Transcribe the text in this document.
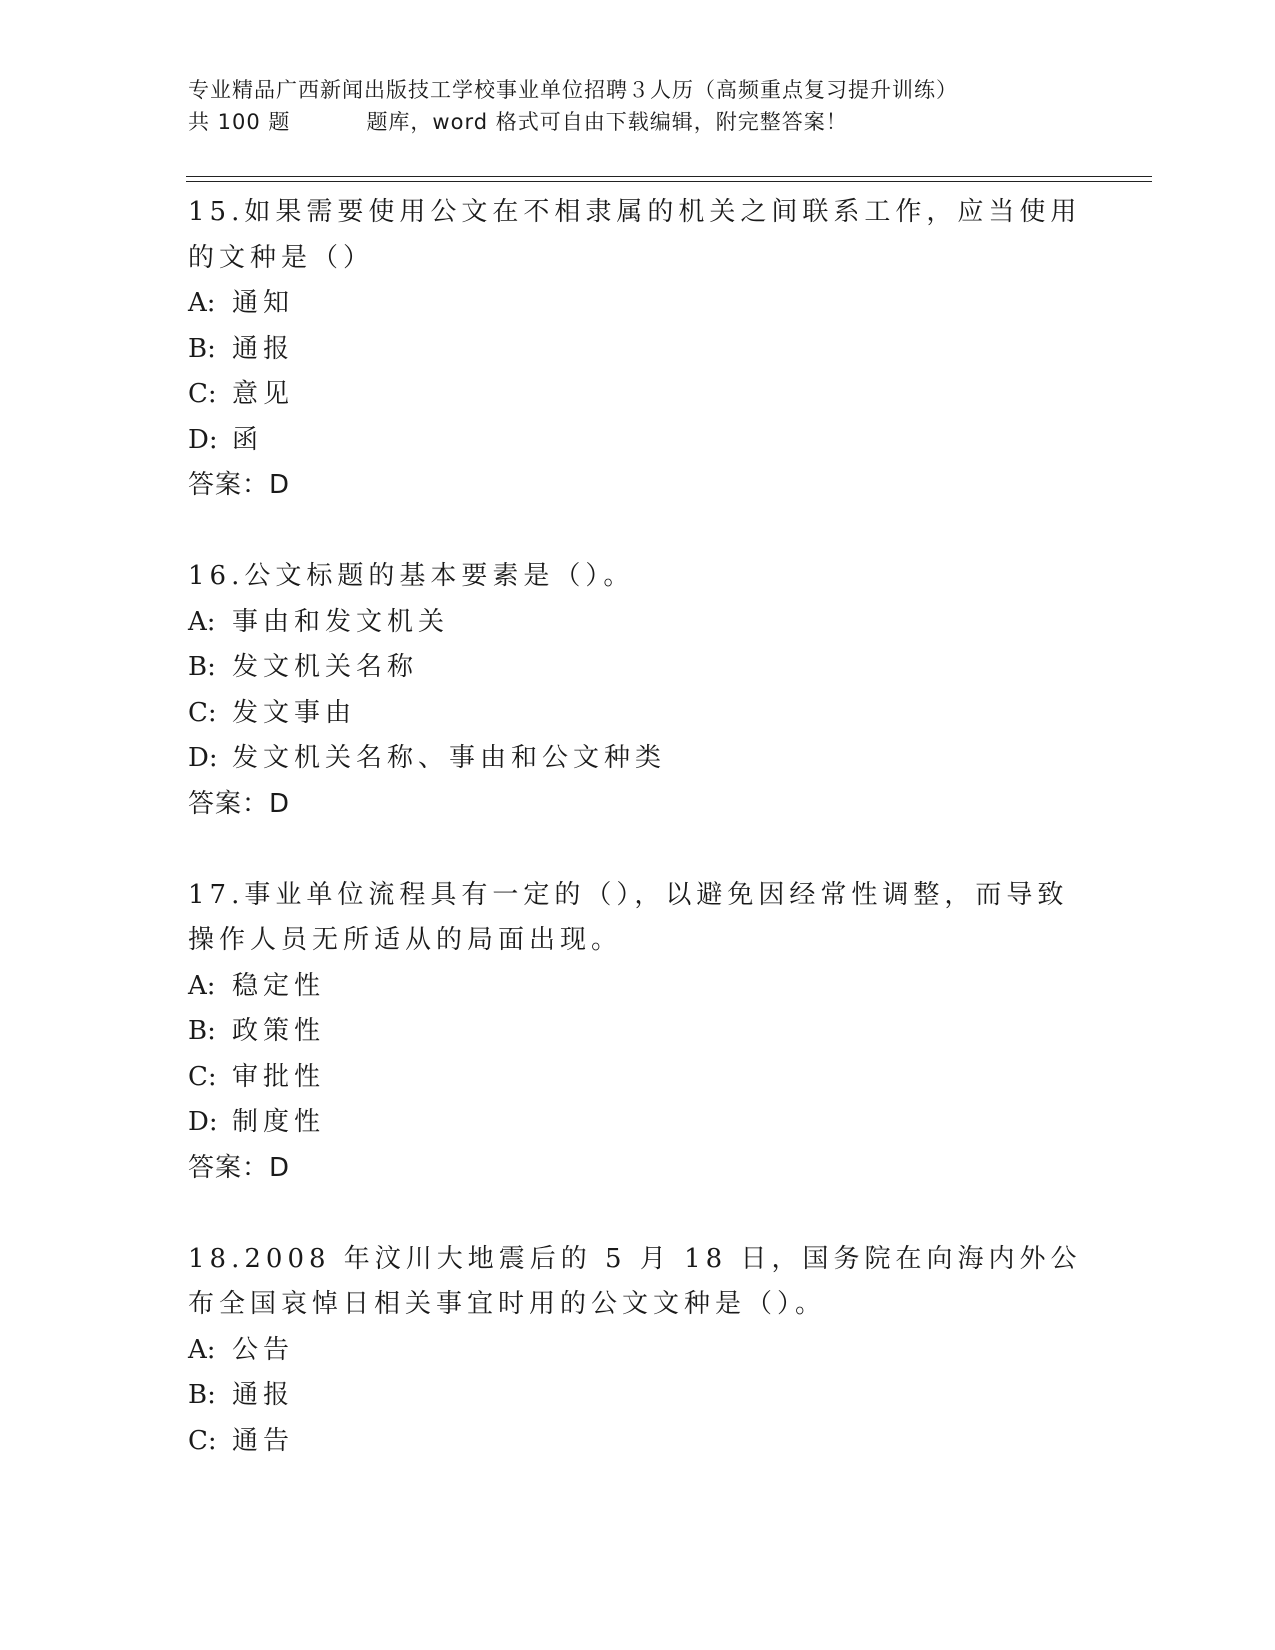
专业精品广西新闻出版技工学校事业单位招聘３人历（高频重点复习提升训练）
共 100 题	题库，word 格式可自由下载编辑，附完整答案！

15.如果需要使用公文在不相隶属的机关之间联系工作，应当使用的文种是（）

A: 通知

B: 通报

C: 意见

D: 函

答案：D

16.公文标题的基本要素是（）。

A: 事由和发文机关

B: 发文机关名称

C: 发文事由

D: 发文机关名称、事由和公文种类

答案：D

17.事业单位流程具有一定的（），以避免因经常性调整，而导致操作人员无所适从的局面出现。

A: 稳定性

B: 政策性

C: 审批性

D: 制度性

答案：D

18.2008 年汶川大地震后的 5 月 18 日，国务院在向海内外公布全国哀悼日相关事宜时用的公文文种是（）。

A: 公告

B: 通报

C: 通告
